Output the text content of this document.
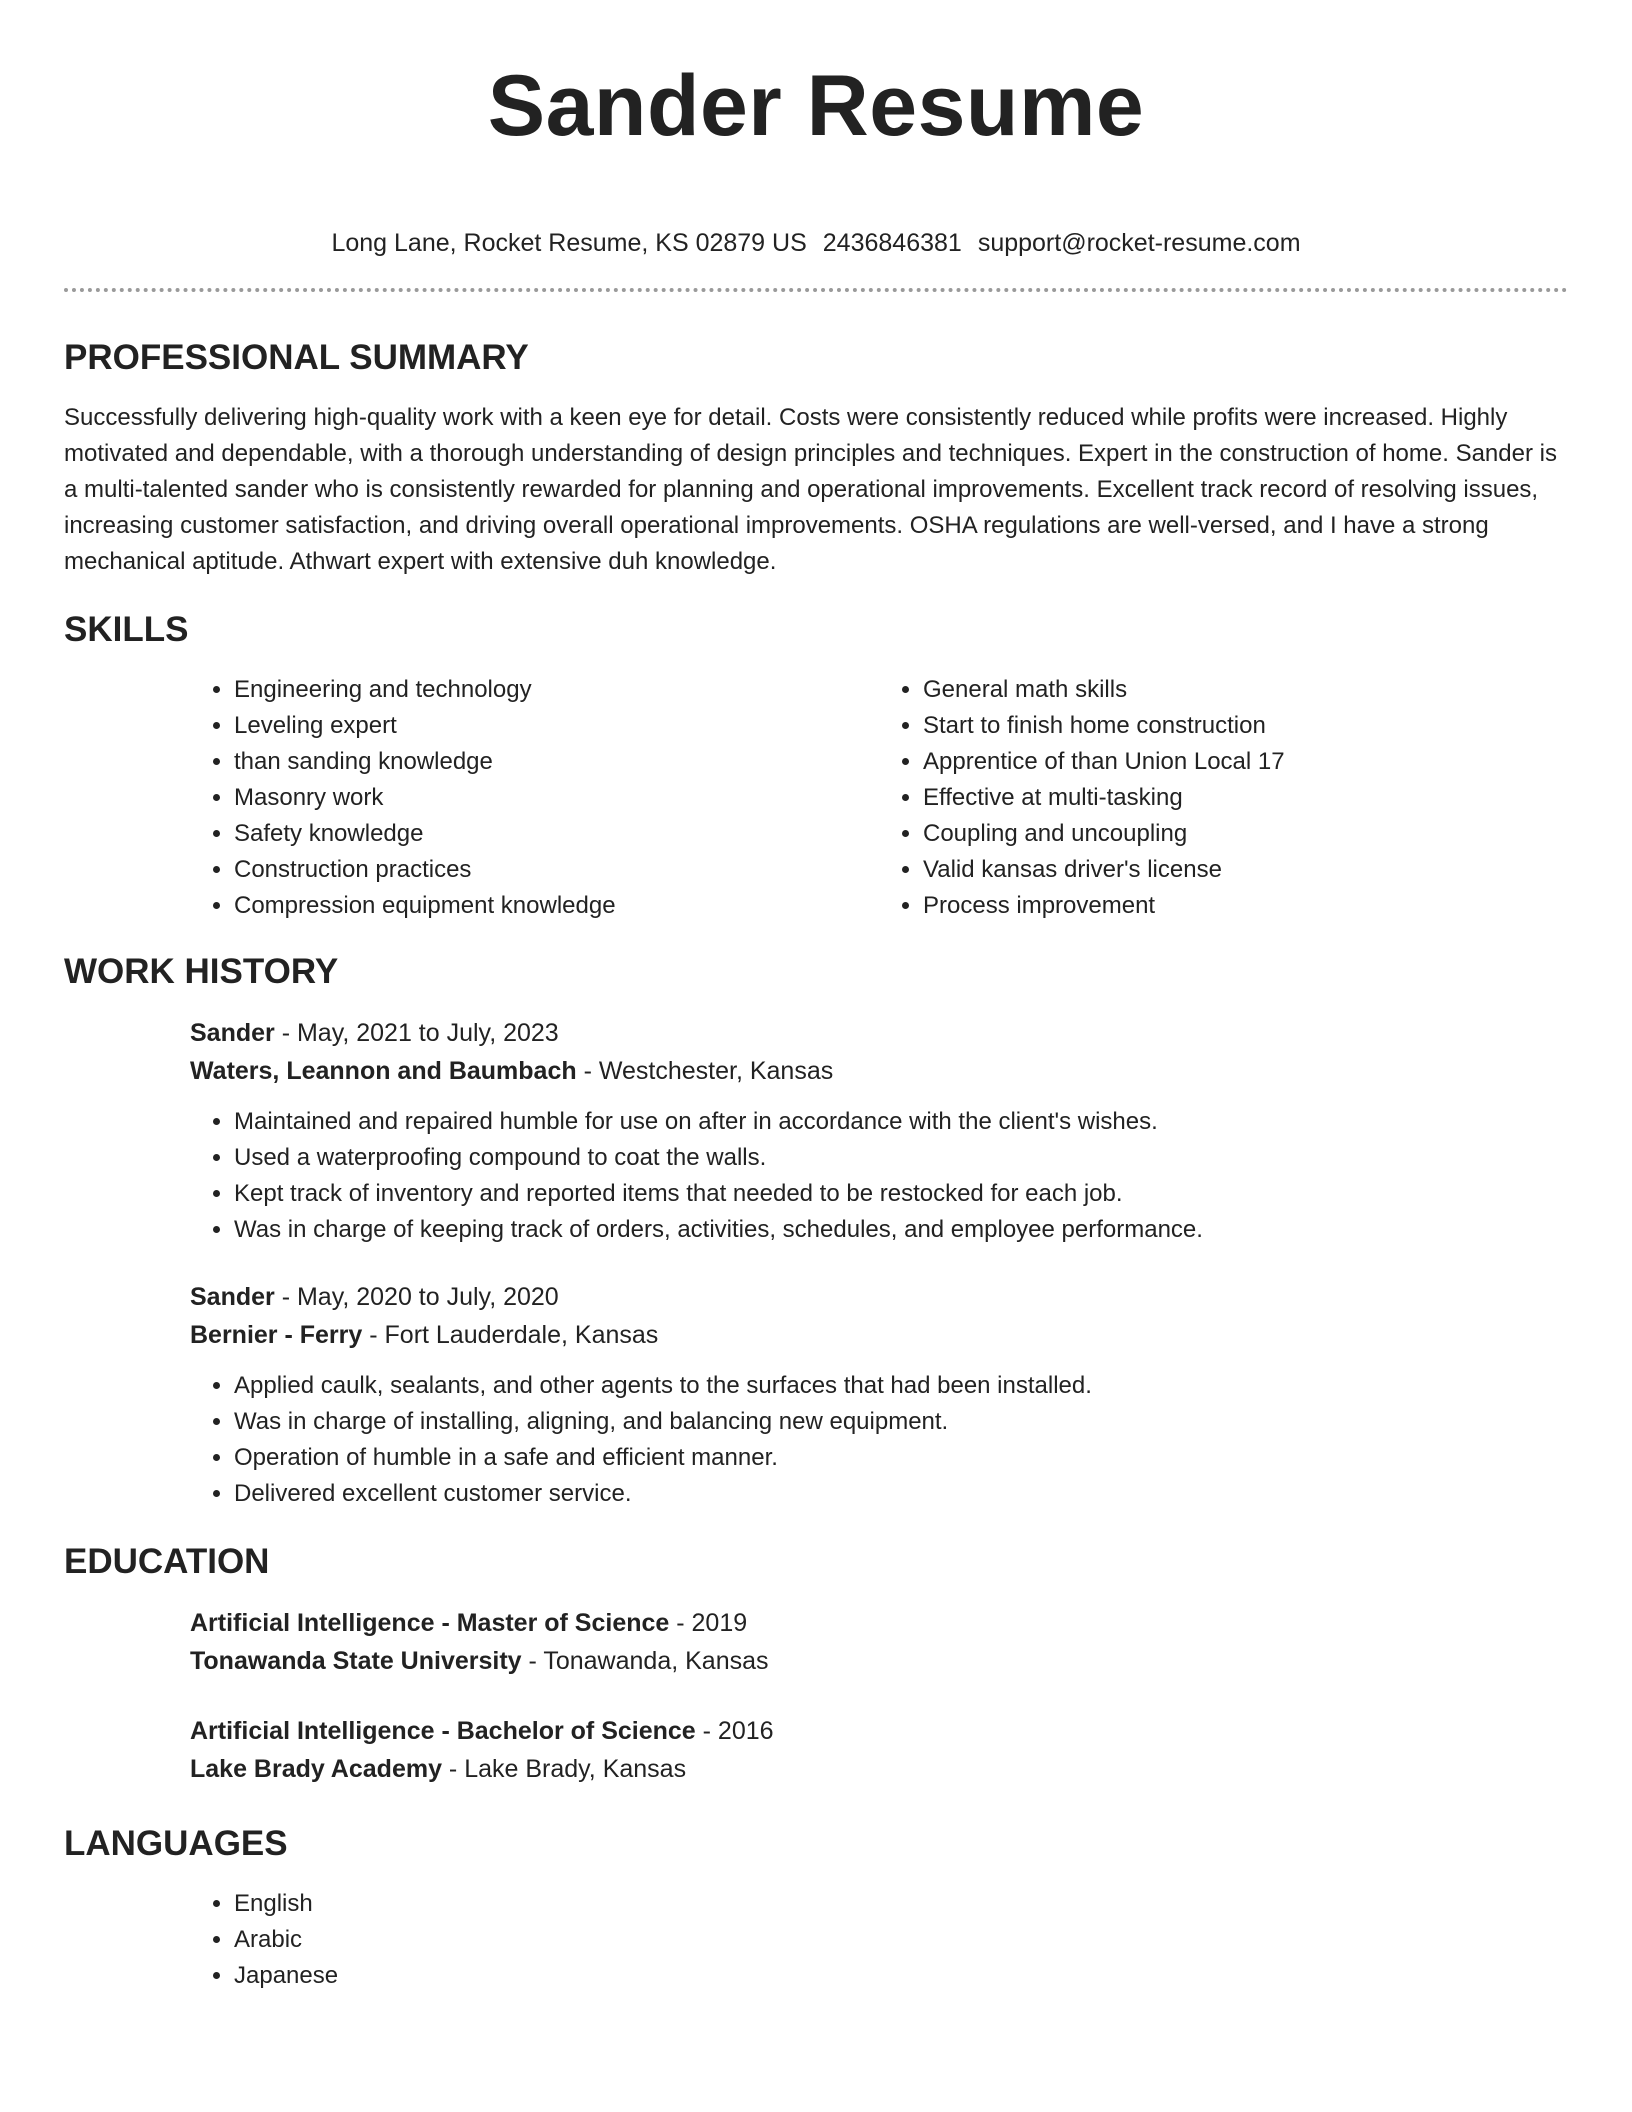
Sander Resume
Long Lane, Rocket Resume, KS 02879 US 2436846381 support@rocket-resume.com
PROFESSIONAL SUMMARY

Successfully delivering high-quality work with a keen eye for detail. Costs were consistently reduced while profits were increased. Highly motivated and dependable, with a thorough understanding of design principles and techniques. Expert in the construction of home. Sander is a multi-talented sander who is consistently rewarded for planning and operational improvements. Excellent track record of resolving issues, increasing customer satisfaction, and driving overall operational improvements. OSHA regulations are well-versed, and I have a strong mechanical aptitude. Athwart expert with extensive duh knowledge.

SKILLS
• Engineering and technology
• Leveling expert
• than sanding knowledge
• Masonry work
• Safety knowledge
• Construction practices
• Compression equipment knowledge
• General math skills
• Start to finish home construction
• Apprentice of than Union Local 17
• Effective at multi-tasking
• Coupling and uncoupling
• Valid kansas driver's license
• Process improvement
WORK HISTORY
Sander - May, 2021 to July, 2023
Waters, Leannon and Baumbach - Westchester, Kansas
• Maintained and repaired humble for use on after in accordance with the client's wishes.
• Used a waterproofing compound to coat the walls.
• Kept track of inventory and reported items that needed to be restocked for each job.
• Was in charge of keeping track of orders, activities, schedules, and employee performance.
Sander - May, 2020 to July, 2020
Bernier - Ferry - Fort Lauderdale, Kansas
• Applied caulk, sealants, and other agents to the surfaces that had been installed.
• Was in charge of installing, aligning, and balancing new equipment.
• Operation of humble in a safe and efficient manner.
• Delivered excellent customer service.
EDUCATION
Artificial Intelligence - Master of Science - 2019
Tonawanda State University - Tonawanda, Kansas
Artificial Intelligence - Bachelor of Science - 2016
Lake Brady Academy - Lake Brady, Kansas
LANGUAGES
• English
• Arabic
• Japanese
